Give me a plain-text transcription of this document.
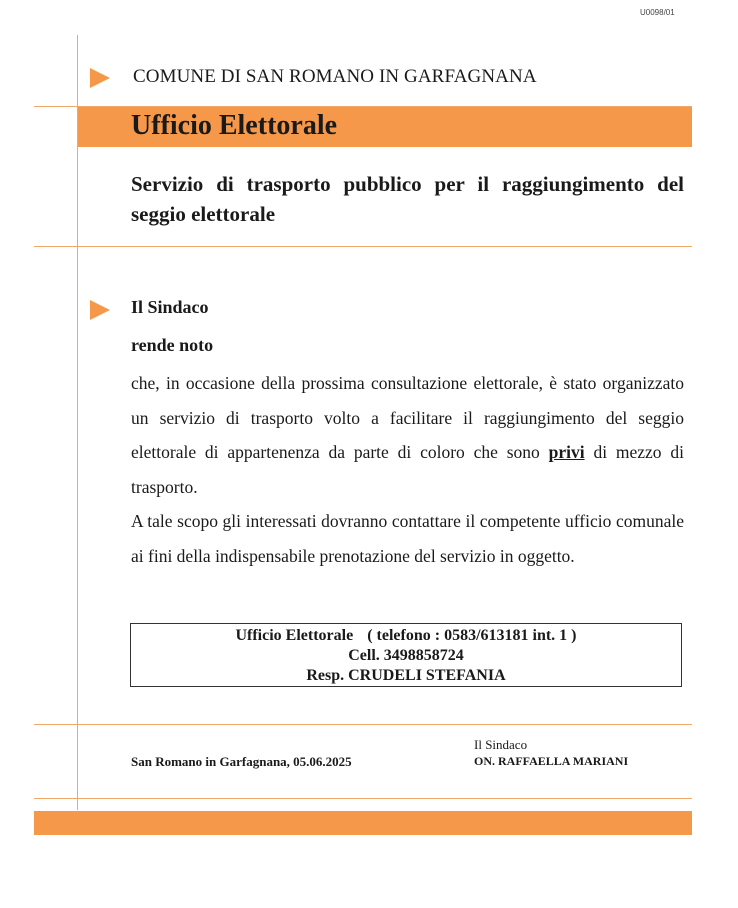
U0098/01
COMUNE DI SAN ROMANO IN GARFAGNANA
Ufficio Elettorale
Servizio di trasporto pubblico per il raggiungimento del seggio elettorale
Il Sindaco
rende noto
che, in occasione della prossima consultazione elettorale, è stato organizzato un servizio di trasporto volto a facilitare il raggiungimento del seggio elettorale di appartenenza da parte di coloro che sono privi di mezzo di trasporto.
A tale scopo gli interessati dovranno contattare il competente ufficio comunale ai fini della indispensabile prenotazione del servizio in oggetto.
Ufficio Elettorale ( telefono : 0583/613181 int. 1 )
Cell. 3498858724
Resp. CRUDELI STEFANIA
San Romano in Garfagnana, 05.06.2025
Il Sindaco
ON. RAFFAELLA MARIANI
